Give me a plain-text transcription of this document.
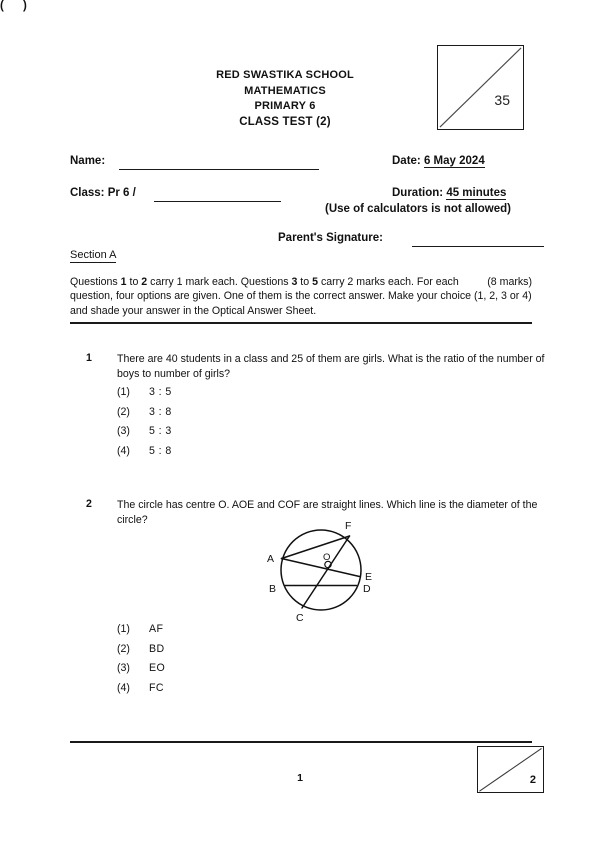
RED SWASTIKA SCHOOL
MATHEMATICS
PRIMARY 6
CLASS TEST (2)
35
Name:
( )
Date: 6 May 2024
Class: Pr 6 /	Duration: 45 minutes
(Use of calculators is not allowed)
Parent's Signature:
Section A
(8 marks)
Questions 1 to 2 carry 1 mark each. Questions 3 to 5 carry 2 marks each. For each question, four options are given. One of them is the correct answer. Make your choice (1, 2, 3 or 4) and shade your answer in the Optical Answer Sheet.
1 There are 40 students in a class and 25 of them are girls. What is the ratio of the number of boys to number of girls?
(1)	3 : 5
(2)	3 : 8
(3)	5 : 3
(4)	5 : 8
2 The circle has centre O. AOE and COF are straight lines. Which line is the diameter of the circle?
A
B
C
D
E
F
O
(1)	AF
(2)	BD
(3)	EO
(4)	FC
1	2
